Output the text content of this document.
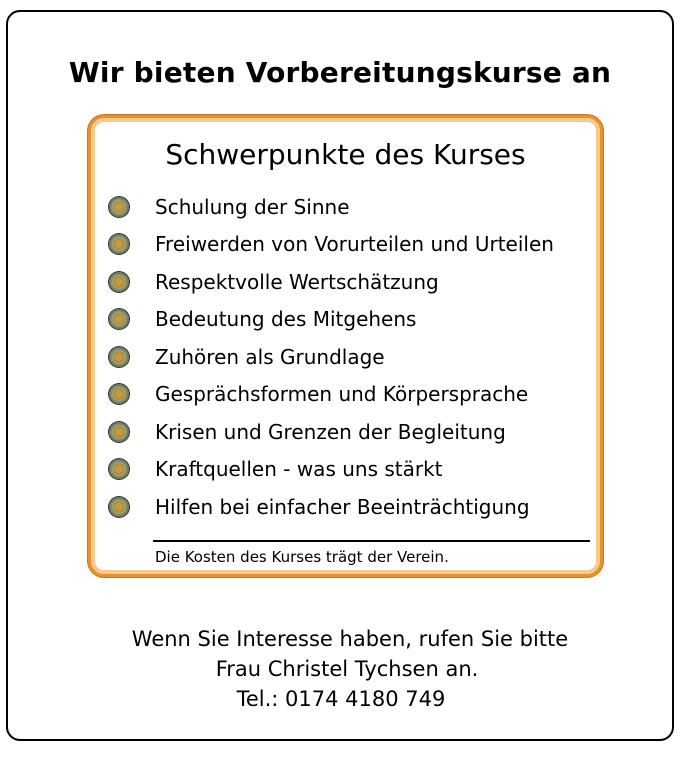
Wir bieten Vorbereitungskurse an
Schwerpunkte des Kurses
Schulung der Sinne
Freiwerden von Vorurteilen und Urteilen
Respektvolle Wertschätzung
Bedeutung des Mitgehens
Zuhören als Grundlage
Gesprächsformen und Körpersprache
Krisen und Grenzen der Begleitung
Kraftquellen - was uns stärkt
Hilfen bei einfacher Beeinträchtigung
Die Kosten des Kurses trägt der Verein.
Wenn Sie Interesse haben, rufen Sie bitte
Frau Christel Tychsen an.
Tel.: 0174 4180 749
